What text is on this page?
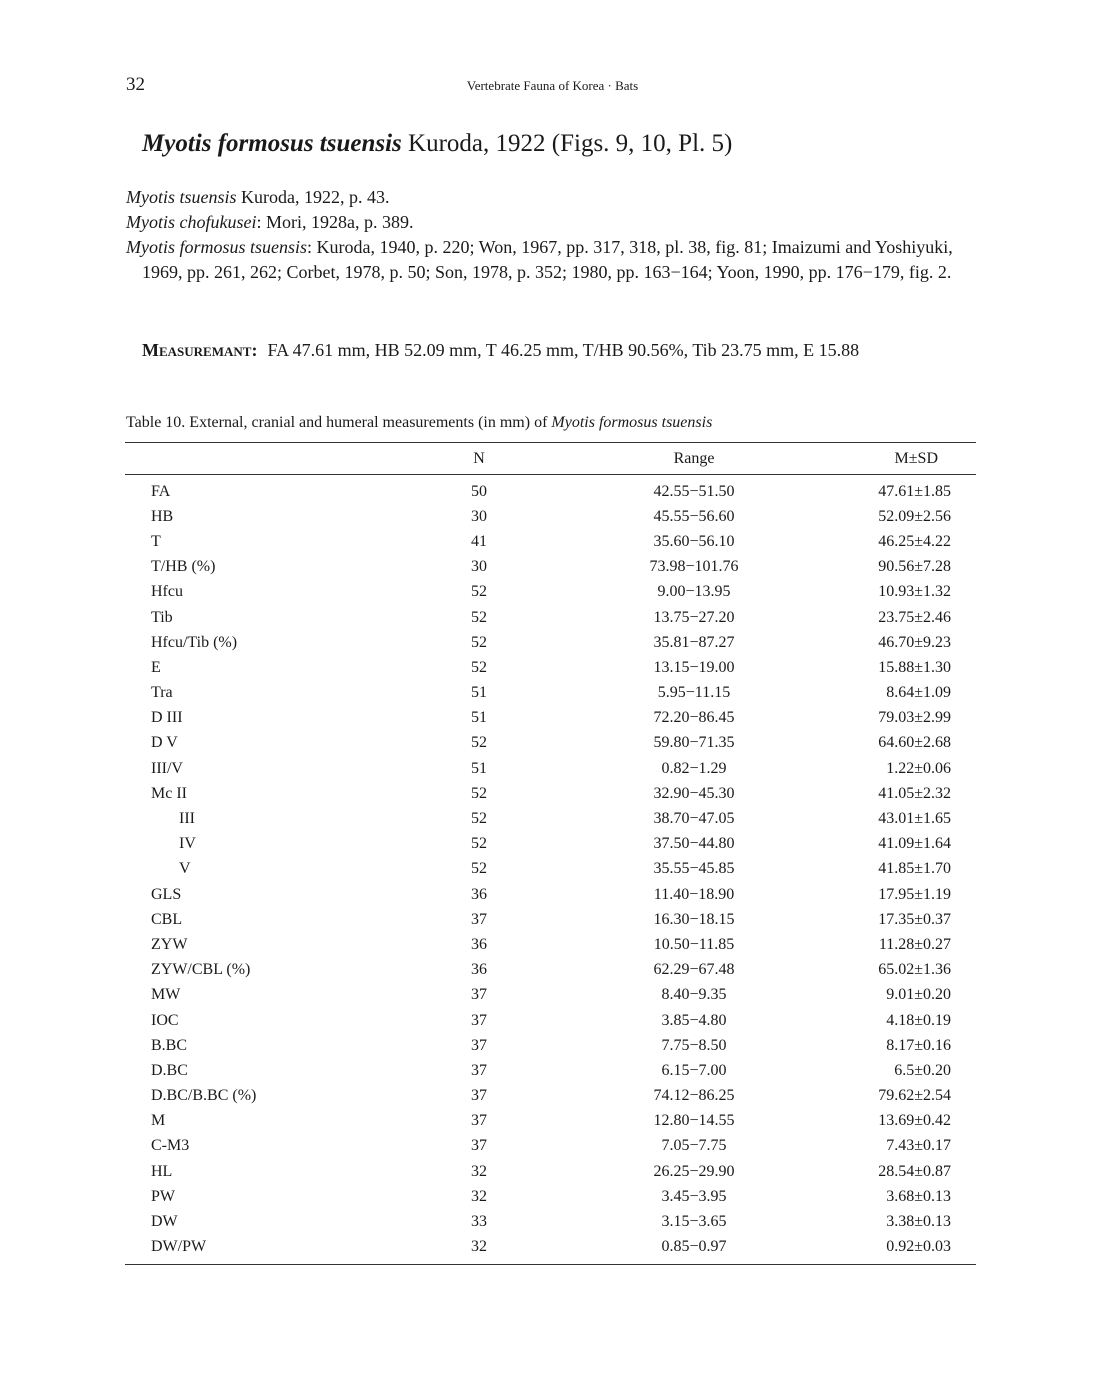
32	Vertebrate Fauna of Korea · Bats
Myotis formosus tsuensis Kuroda, 1922 (Figs. 9, 10, Pl. 5)

Myotis tsuensis Kuroda, 1922, p. 43.

Myotis chofukusei: Mori, 1928a, p. 389.

Myotis formosus tsuensis: Kuroda, 1940, p. 220; Won, 1967, pp. 317, 318, pl. 38, fig. 81; Imaizumi and Yoshiyuki, 1969, pp. 261, 262; Corbet, 1978, p. 50; Son, 1978, p. 352; 1980, pp. 163−164; Yoon, 1990, pp. 176−179, fig. 2.

Measuremant: FA 47.61 mm, HB 52.09 mm, T 46.25 mm, T/HB 90.56%, Tib 23.75 mm, E 15.88
Table 10. External, cranial and humeral measurements (in mm) of Myotis formosus tsuensis
	N	Range	M±SD
FA	50	42.55−51.50	47.61±1.85
HB	30	45.55−56.60	52.09±2.56
T	41	35.60−56.10	46.25±4.22
T/HB (%)	30	73.98−101.76	90.56±7.28
Hfcu	52	9.00−13.95	10.93±1.32
Tib	52	13.75−27.20	23.75±2.46
Hfcu/Tib (%)	52	35.81−87.27	46.70±9.23
E	52	13.15−19.00	15.88±1.30
Tra	51	5.95−11.15	8.64±1.09
D III	51	72.20−86.45	79.03±2.99
D V	52	59.80−71.35	64.60±2.68
III/V	51	0.82−1.29	1.22±0.06
Mc II	52	32.90−45.30	41.05±2.32
III	52	38.70−47.05	43.01±1.65
IV	52	37.50−44.80	41.09±1.64
V	52	35.55−45.85	41.85±1.70
GLS	36	11.40−18.90	17.95±1.19
CBL	37	16.30−18.15	17.35±0.37
ZYW	36	10.50−11.85	11.28±0.27
ZYW/CBL (%)	36	62.29−67.48	65.02±1.36
MW	37	8.40−9.35	9.01±0.20
IOC	37	3.85−4.80	4.18±0.19
B.BC	37	7.75−8.50	8.17±0.16
D.BC	37	6.15−7.00	6.5±0.20
D.BC/B.BC (%)	37	74.12−86.25	79.62±2.54
M	37	12.80−14.55	13.69±0.42
C-M3	37	7.05−7.75	7.43±0.17
HL	32	26.25−29.90	28.54±0.87
PW	32	3.45−3.95	3.68±0.13
DW	33	3.15−3.65	3.38±0.13
DW/PW	32	0.85−0.97	0.92±0.03
